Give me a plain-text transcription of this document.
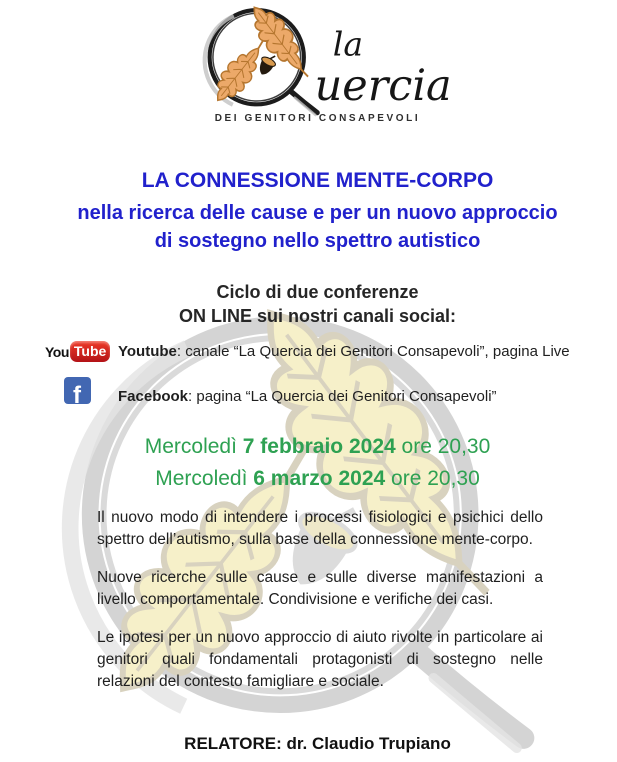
la
uercia
DEI GENITORI CONSAPEVOLI
LA CONNESSIONE MENTE-CORPO
nella ricerca delle cause e per un nuovo approccio
di sostegno nello spettro autistico
Ciclo di due conferenze
ON LINE sui nostri canali social:
You Tube Youtube: canale “La Quercia dei Genitori Consapevoli”, pagina Live
f Facebook: pagina “La Quercia dei Genitori Consapevoli”
Mercoledì 7 febbraio 2024 ore 20,30
Mercoledì 6 marzo 2024 ore 20,30

Il nuovo modo di intendere i processi fisiologici e psichici dello spettro dell’autismo, sulla base della connessione mente-corpo.

Nuove ricerche sulle cause e sulle diverse manifestazioni a livello comportamentale. Condivisione e verifiche dei casi.

Le ipotesi per un nuovo approccio di aiuto rivolte in particolare ai genitori quali fondamentali protagonisti di sostegno nelle relazioni del contesto famigliare e sociale.

RELATORE: dr. Claudio Trupiano
